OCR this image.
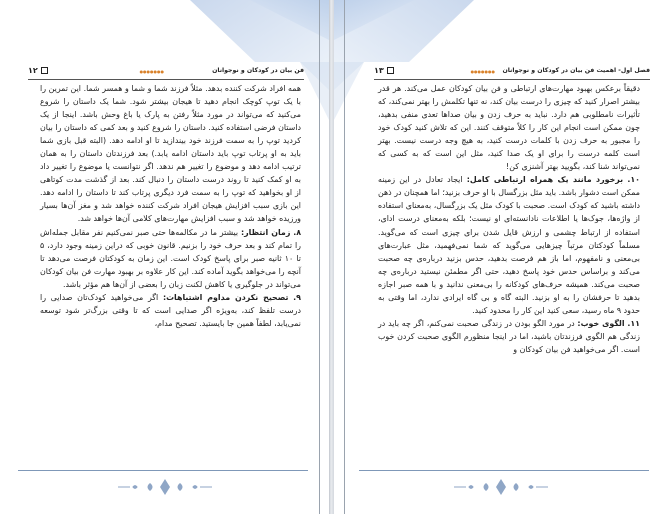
فن بیان در کودکان و نوجوانان
●●●●●●●
۱۲

همه افراد شرکت کننده بدهد. مثلاً فرزند شما و شما و همسر شما. این تمرین را با یک توپ کوچک انجام دهید تا هیجان بیشتر شود. شما یک داستان را شروع می‌کنید که می‌تواند در مورد مثلاً رفتن به پارک یا باغ وحش باشد. اینجا از یک داستان فرضی استفاده کنید. داستان را شروع کنید و بعد کمی که داستان را بیان کردید توپ را به سمت فرزند خود بیندازید تا او ادامه دهد. (البته قبل بازی شما باید به او پرتاب توپ باید داستان ادامه یابد.) بعد فرزندتان داستان را به همان ترتیب ادامه دهد و موضوع را تغییر هم ندهد. اگر نتوانست یا موضوع را تغییر داد به او کمک کنید تا روند درست داستان را دنبال کند. بعد از گذشت مدت کوتاهی از او بخواهید که توپ را به سمت فرد دیگری پرتاب کند تا داستان را ادامه دهد. این بازی سبب افزایش هیجان افراد شرکت کننده خواهد شد و مغز آن‌ها بسیار ورزیده خواهد شد و سبب افزایش مهارت‌های کلامی آن‌ها خواهد شد.

۸. زمان انتظار: بیشتر ما در مکالمه‌ها حتی صبر نمی‌کنیم نفر مقابل جمله‌اش را تمام کند و بعد حرف خود را بزنیم. قانون خوبی که دراین زمینه وجود دارد، ۵ تا ۱۰ ثانیه صبر برای پاسخ کودک است. این زمان به کودکتان فرصت می‌دهد تا آنچه را می‌خواهد بگوید آماده کند. این کار علاوه بر بهبود مهارت فن بیان کودکان می‌تواند در جلوگیری یا کاهش لکنت زبان را بعضی از آن‌ها هم مؤثر باشد.

۹. تصحیح نکردن مداوم اشتباهات: اگر می‌خواهید کودک‌تان صدایی را درست تلفظ کند، به‌ویژه اگر صدایی است که تا وقتی بزرگ‌تر شود توسعه نمی‌یابد، لطفاً همین جا بایستید. تصحیح مدام،

فصل اول- اهمیت فن بیان در کودکان و نوجوانان
●●●●●●●
۱۳

دقیقاً برعکس بهبود مهارت‌های ارتباطی و فن بیان کودکان عمل می‌کند. هر قدر بیشتر اصرار کنید که چیزی را درست بیان کند، نه تنها تکلمش را بهتر نمی‌کند، که تأثیرات نامطلوبی هم دارد. نباید به حرف زدن و بیان صداها تعدی منفی بدهید، چون ممکن است انجام این کار را کلاً متوقف کنند. این که تلاش کنید کودک خود را مجبور به حرف زدن با کلمات درست کنید، به هیچ وجه درست نیست. بهتر است کلمه درست را برای او یک صدا کنید، مثل این است که به کسی که نمی‌تواند شنا کند، بگویید بهتر آشنزی کن!

۱۰. برخورد مانند یک همراه ارتباطی کامل: ایجاد تعادل در این زمینه ممکن است دشوار باشد. باید مثل بزرگسال با او حرف بزنید؛ اما همچنان در ذهن داشته باشید که کودک است. صحبت با کودک مثل یک بزرگسال، به‌معنای استفاده از واژه‌ها، جوک‌ها یا اطلاعات نادانسته‌ای او نیست؛ بلکه به‌معنای درست ادای، استفاده از ارتباط چشمی و ارزش قایل شدن برای چیزی است که می‌گوید. مسلماً کودکتان مرتباً چیزهایی می‌گوید که شما نمی‌فهمید، مثل عبارت‌های بی‌معنی و نامفهوم، اما باز هم فرصت بدهید، حدس بزنید درباره‌ی چه صحبت می‌کند و براساس حدس خود پاسخ دهید، حتی اگر مطمئن نیستید درباره‌ی چه صحبت می‌کند. همیشه حرف‌های کودکانه را بی‌معنی ندانید و با همه صبر اجازه بدهید تا حرفشان را به او بزنید. البته گاه و بی گاه ایرادی ندارد، اما وقتی به حدود ۹ ماه رسید، سعی کنید این کار را محدود کنید.

۱۱. الگوی خوب: در مورد الگو بودن در زندگی صحبت نمی‌کنم، اگر چه باید در زندگی هم الگوی فرزندتان باشید، اما در اینجا منظورم الگوی صحبت کردن خوب است. اگر می‌خواهید فن بیان کودکان و
